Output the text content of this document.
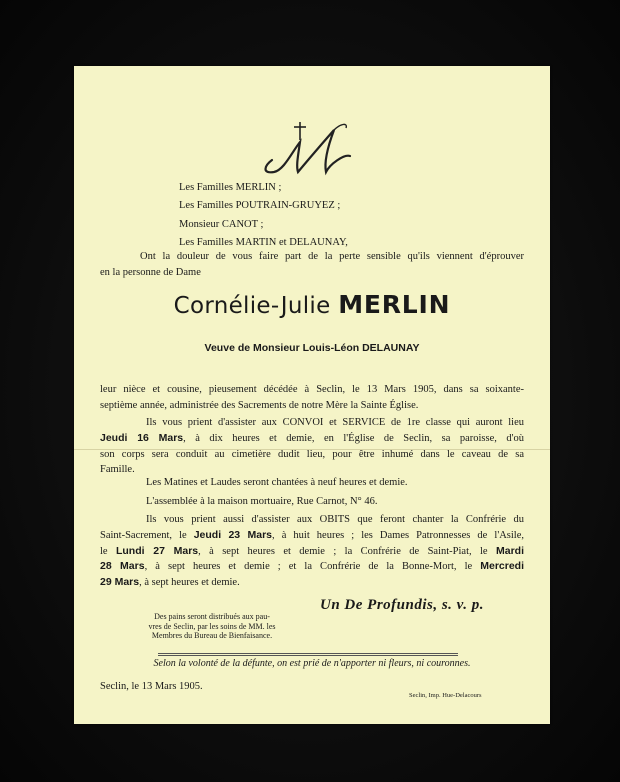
Les Familles MERLIN ;
Les Familles POUTRAIN-GRUYEZ ;
Monsieur CANOT ;
Les Familles MARTIN et DELAUNAY,
Ont la douleur de vous faire part de la perte sensible qu'ils viennent d'éprouver
en la personne de Dame
Cornélie-Julie MERLIN
Veuve de Monsieur Louis-Léon DELAUNAY
leur nièce et cousine, pieusement décédée à Seclin, le 13 Mars 1905, dans sa soixante-
septième année, administrée des Sacrements de notre Mère la Sainte Église.
Ils vous prient d'assister aux CONVOI et SERVICE de 1re classe qui auront lieu
Jeudi 16 Mars, à dix heures et demie, en l'Église de Seclin, sa paroisse, d'où
son corps sera conduit au cimetière dudit lieu, pour être inhumé dans le caveau de sa
Famille.
Les Matines et Laudes seront chantées à neuf heures et demie.
L'assemblée à la maison mortuaire, Rue Carnot, N° 46.
Ils vous prient aussi d'assister aux OBITS que feront chanter la Confrérie du
Saint-Sacrement, le Jeudi 23 Mars, à huit heures ; les Dames Patronnesses de l'Asile,
le Lundi 27 Mars, à sept heures et demie ; la Confrérie de Saint-Piat, le Mardi
28 Mars, à sept heures et demie ; et la Confrérie de la Bonne-Mort, le Mercredi
29 Mars, à sept heures et demie.
Un De Profundis, s. v. p.
Des pains seront distribués aux pau-
vres de Seclin, par les soins de MM. les
Membres du Bureau de Bienfaisance.
Selon la volonté de la défunte, on est prié de n'apporter ni fleurs, ni couronnes.
Seclin, le 13 Mars 1905.
Seclin, Imp. Hue-Delacours
